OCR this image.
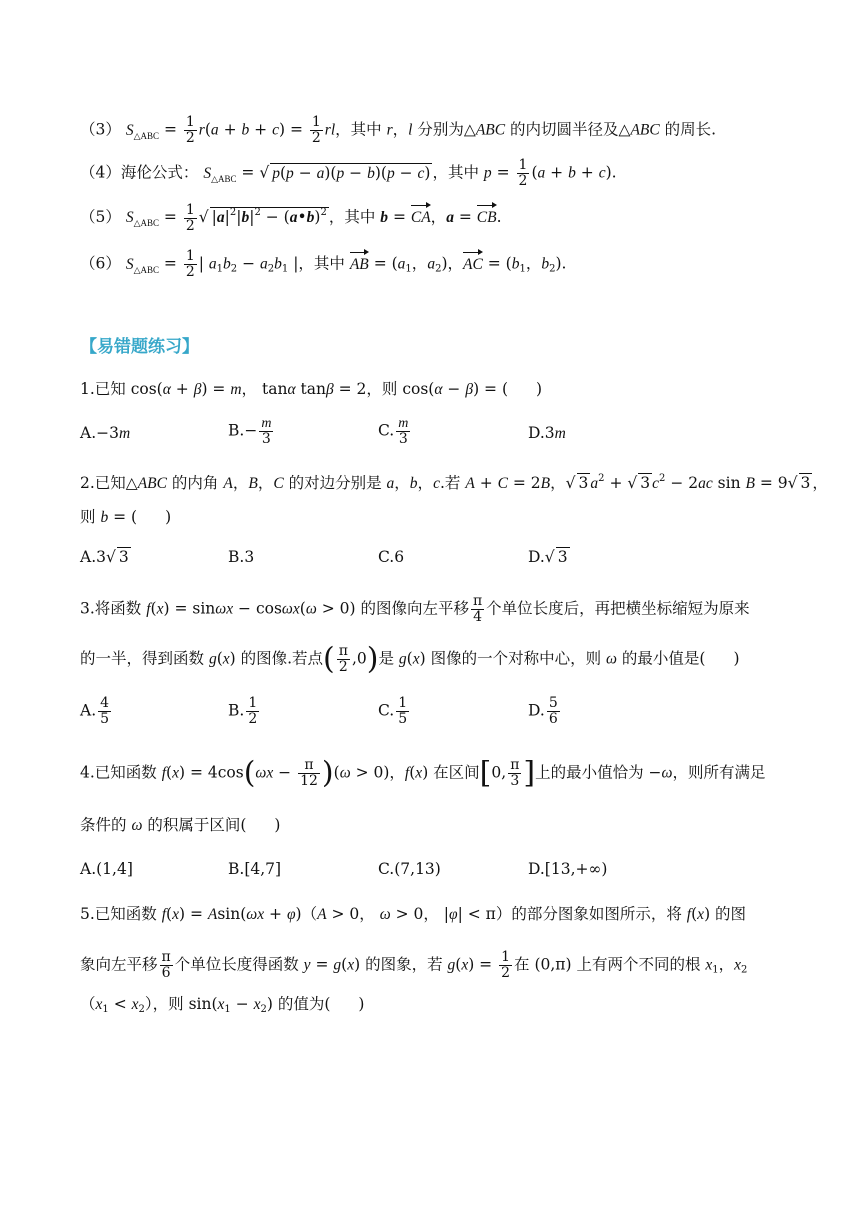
（3） $S_{\triangle ABC} = \frac{1}{2} r(a + b + c) = \frac{1}{2}$ rl，其中 r，l 分别为△ABC 的内切圆半径及△ABC 的周长.
（4）海伦公式： $S_{\triangle ABC}$ = √ p(p − a)(p − b)(p − c) ，其中 $p = \frac{1}{2} (a + b + c)$.
（5） $S_{\triangle ABC} = \frac{1}{2}$ √ $|a|^2|b|^2$ − (a•b)$^2$ ，其中 b = CA，a = CB.
（6） $S_{\triangle ABC} = \frac{1}{2}$ | a1b2 − a2b1 |，其中 AB = (a1，a2)，AC = (b1，b2).
【易错题练习】
1.已知 cos(α + β) = m， tanα tanβ = 2，则 cos(α − β) = ( )
A.−3m	$B.- \frac{m}{3}$	C. $\frac{m}{3}$	D.3m
2.已知△ABC 的内角 A，B，C 的对边分别是 a，b，c.若 A + C = 2B，√ 3 $a^2$ + √ 3 $c^2 - 2ac$ sin B = 9√ 3 ，
则 b = ( )
A.3√ 3	B.3	C.6	D.√ 3
3.将函数 f(x) = sinωx − cosωx(ω > 0) 的图像向左平移 $\frac{\pi}{4}$ 个单位长度后，再把横坐标缩短为原来
的一半，得到函数 g(x) 的图像.若点( $\frac{\pi}{2} ,0$)是 g(x) 图像的一个对称中心，则 ω 的最小值是( )
A. $\frac{4}{5}$	B. $\frac{1}{2}$	C. $\frac{1}{5}$	D. $\frac{5}{6}$
4.已知函数 $f(x) = 4\cos(\omega x - \frac{\pi}{12} )(\omega > 0)$，f(x) 在区间[0, $\frac{\pi}{3}$ ]上的最小值恰为 −ω，则所有满足
条件的 ω 的积属于区间( )
A.(1,4]	B.[4,7]	C.(7,13)	D.[13,+∞)
5.已知函数 f(x) = Asin(ωx + φ)（A > 0， ω > 0， |φ| < π）的部分图象如图所示，将 f(x) 的图
象向左平移 $\frac{\pi}{6}$ 个单位长度得函数 y = g(x) 的图象，若 $g(x) = \frac{1}{2}$ 在 (0,π) 上有两个不同的根 x1，x2
（x1 < x2），则 sin(x1 − x2) 的值为( )
